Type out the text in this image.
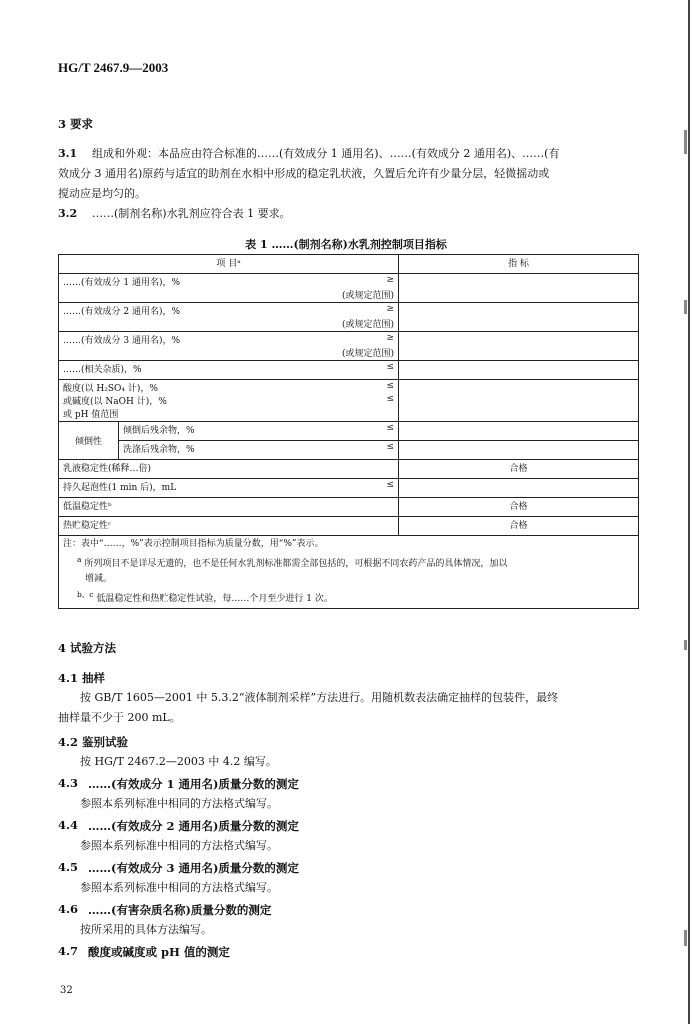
HG/T 2467.9—2003
3 要求
3.1 组成和外观：本品应由符合标准的……(有效成分 1 通用名)、……(有效成分 2 通用名)、……(有
效成分 3 通用名)原药与适宜的助剂在水相中形成的稳定乳状液，久置后允许有少量分层，轻微摇动或
搅动应是均匀的。
3.2 ……(制剂名称)水乳剂应符合表 1 要求。
表 1 ……(制剂名称)水乳剂控制项目指标
项 目ᵃ		指 标

……(有效成分 1 通用名)，% ≥
(或规定范围)		

……(有效成分 2 通用名)，% ≥
(或规定范围)		

……(有效成分 3 通用名)，% ≥
(或规定范围)		

……(相关杂质)，% ≤		

酸度(以 H₂SO₄ 计)，% ≤
或碱度(以 NaOH 计)，% ≤
或 pH 值范围		

倾倒性	倾倒后残余物，% ≤	

	洗涤后残余物，% ≤	

乳液稳定性(稀释…倍)		合格

持久起泡性(1 min 后)，mL ≤		

低温稳定性ᵇ		合格
热贮稳定性ᶜ		合格

注：表中“……，%”表示控制项目指标为质量分数，用“%”表示。
$^a$ 所列项目不是详尽无遗的，也不是任何水乳剂标准都需全部包括的，可根据不同农药产品的具体情况，加以
增减。
$^{b、c}$ 低温稳定性和热贮稳定性试验，每……个月至少进行 1 次。		
4 试验方法
4.1 抽样
按 GB/T 1605—2001 中 5.3.2“液体制剂采样”方法进行。用随机数表法确定抽样的包装件，最终
抽样量不少于 200 mL。
4.2 鉴别试验
按 HG/T 2467.2—2003 中 4.2 编写。
4.3 ……(有效成分 1 通用名)质量分数的测定
参照本系列标准中相同的方法格式编写。
4.4 ……(有效成分 2 通用名)质量分数的测定
参照本系列标准中相同的方法格式编写。
4.5 ……(有效成分 3 通用名)质量分数的测定
参照本系列标准中相同的方法格式编写。
4.6 ……(有害杂质名称)质量分数的测定
按所采用的具体方法编写。
4.7 酸度或碱度或 pH 值的测定
32
